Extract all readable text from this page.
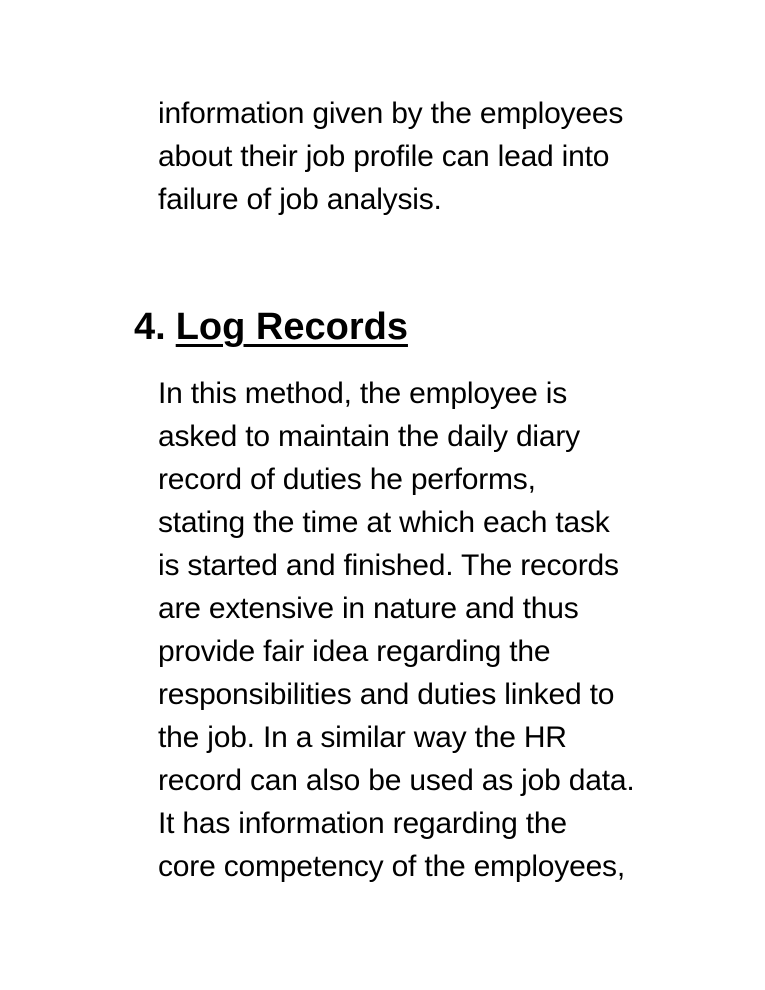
information given by the employees
about their job profile can lead into
failure of job analysis.
4. Log Records
In this method, the employee is
asked to maintain the daily diary
record of duties he performs,
stating the time at which each task
is started and finished. The records
are extensive in nature and thus
provide fair idea regarding the
responsibilities and duties linked to
the job. In a similar way the HR
record can also be used as job data.
It has information regarding the
core competency of the employees,
